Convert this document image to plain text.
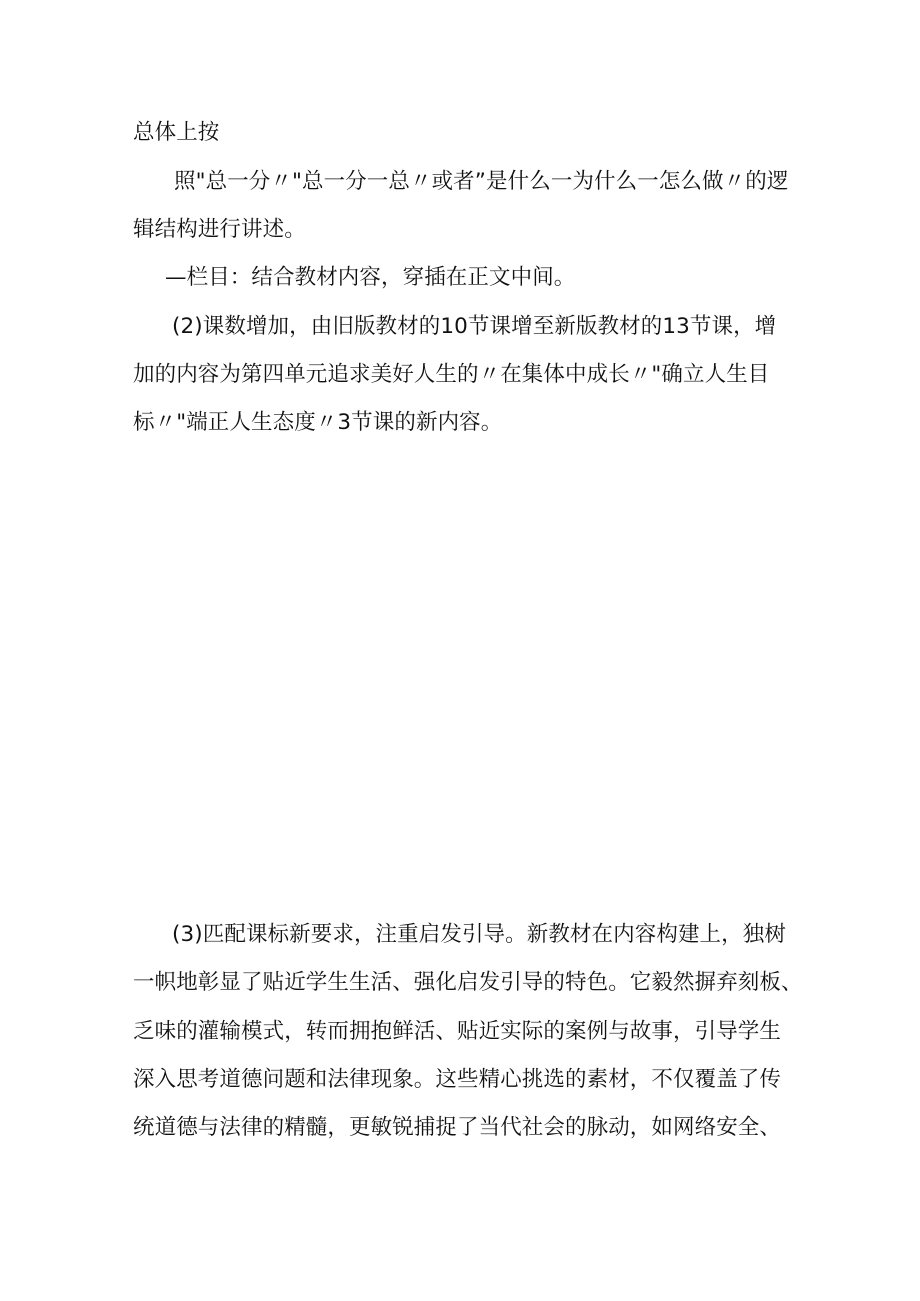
总体上按
照"总一分〃"总一分一总〃或者”是什么一为什么一怎么做〃的逻
辑结构进行讲述。
—栏目：结合教材内容，穿插在正文中间。
(2)课数增加，由旧版教材的10节课增至新版教材的13节课，增
加的内容为第四单元追求美好人生的〃在集体中成长〃"确立人生目
标〃"端正人生态度〃3节课的新内容。
(3)匹配课标新要求，注重启发引导。新教材在内容构建上，独树
一帜地彰显了贴近学生生活、强化启发引导的特色。它毅然摒弃刻板、
乏味的灌输模式，转而拥抱鲜活、贴近实际的案例与故事，引导学生
深入思考道德问题和法律现象。这些精心挑选的素材，不仅覆盖了传
统道德与法律的精髓，更敏锐捕捉了当代社会的脉动，如网络安全、
